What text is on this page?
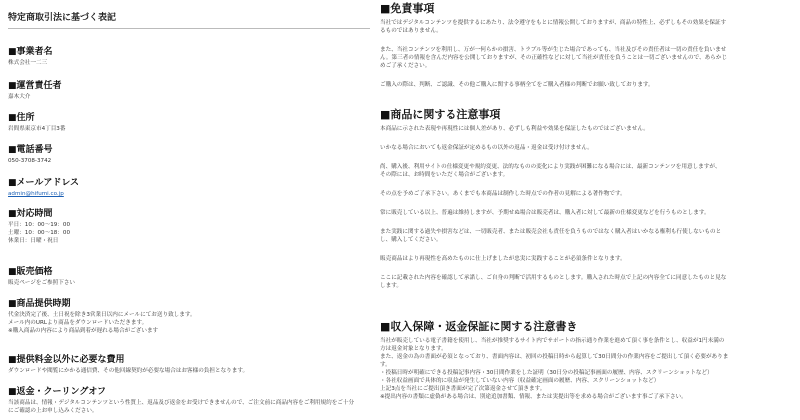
特定商取引法に基づく表記
■事業者名
株式会社一二三
■運営責任者
嘉木大介
■住所
岩間県東京市4丁目3番
■電話番号
050-3708-3742
■メールアドレス
admin@hifumi.co.jp
■対応時間
平日：10：00〜19：00
土曜：10：00〜18：00
休業日：日曜・祝日
■販売価格
販売ページをご参照下さい
■商品提供時期
代金決済完了後、土日祝を除き3営業日以内にメールにてお送り致します。
メール内のURLより商品をダウンロードいただきます。
※購入商品の内容により商品到着が遅れる場合がございます
■提供料金以外に必要な費用
ダウンロードや閲覧にかかる通信費、その他回線契約が必要な場合はお客様の負担となります。
■返金・クーリングオフ
当該商品は、情報・デジタルコンテンツという性質上、返品及び返金をお受けできませんので、ご注文前に商品内容をご利用規約をご十分
にご確認の上お申し込みください。
■免責事項
当社ではデジタルコンテンツを提供するにあたり、法令遵守をもとに情報公開しておりますが、商品の特性上、必ずしもその効果を保証す
るものではありません。
また、当社コンテンツを利用し、万が一何らかの損害、トラブル等が生じた場合であっても、当社及びその責任者は一切の責任を負いませ
ん。第三者の情報を含んだ内容を公開しておりますが、その正確性などに対して当社が責任を負うことは一切ございませんので、あらかじ
めご了承ください。
ご購入の際は、判断、ご認識、その他ご購入に関する事柄全てをご購入者様の判断でお願い致しております。
■商品に関する注意事項
本商品に示された表現や再現性には個人差があり、必ずしも利益や効果を保証したものではございません。
いかなる場合においても返金保証が定めるもの以外の返品・返金は受け付けません。
尚、購入後、利用サイトの仕様変更や規約変更、法的なものの変化により実践が困難になる場合には、最新コンテンツを用意しますが、
その際には、お時間をいただく場合がございます。
その点を予めご了承下さい。あくまでも本商品は制作した時点での作者の見解による著作物です。
常に販売している以上、普遍は維持しますが、予期せぬ場合は販売者は、購入者に対して最新の仕様変更などを行うものとします。
また実践に関する過失や損害などは、一切販売者、または販売会社も責任を負うものではなく購入者はいかなる権利も行使しないものと
し、購入してください。
販売商品はより再現性を高めたものに仕上げましたが忠実に実践することが必須条件となります。
ここに記載された内容を確認して承諾し、ご自身の判断で活用するものとします。購入された時点で上記の内容全てに同意したものと見な
します。
■収入保障・返金保証に関する注意書き
当社が販売している電子書籍を使用し、当社が推奨するサイト内でサポートの指示通り作業を進めて頂く事を条件とし、収益が1円未満の
方は返金対象となります。
また、返金の為の書面が必須となっており、書面内容は、初回の投稿日時から起算して30日間分の作業内容をご提出して頂く必要がありま
す。
・投稿日時が明確にできる投稿記事内容・30日間作業をした証明（30日分の投稿記事画面の履歴、内容、スクリーンショットなど）
・各社収益画面で具体的に収益が発生していない内容（収益確定画面の履歴、内容、スクリーンショットなど）
上記3点を当社にご提出頂き書面が完了次第返金させて頂きます。
※提出内容の書類に虚偽がある場合は、別途追加書類、情報、または実提出等を求める場合がございます事ご了承下さい。
